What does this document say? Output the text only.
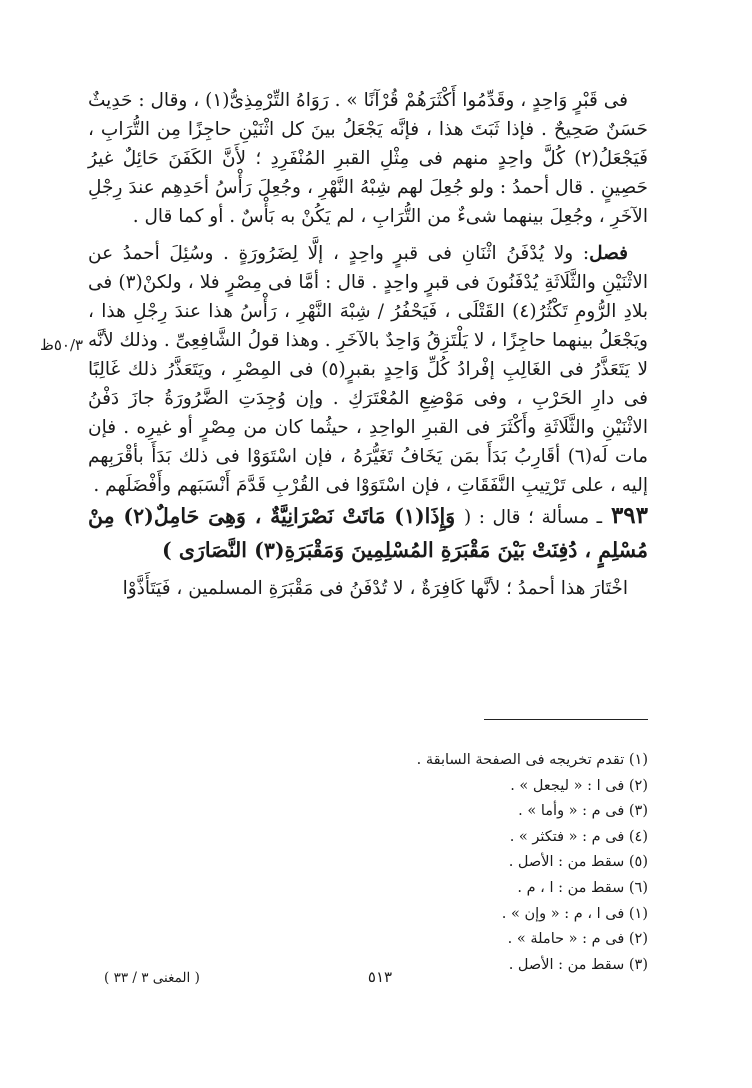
٥٠/٣ظ

فى قَبْرٍ وَاحِدٍ ، وقَدِّمُوا أَكْثَرَهُمْ قُرْآنًا » . رَوَاهُ التِّرْمِذِىُّ(١) ، وقال : حَدِيثٌ حَسَنٌ صَحِيحٌ . فإذا ثَبَتَ هذا ، فإنَّه يَجْعَلُ بينَ كل اثْنَيْنِ حاجِزًا مِن التُّرَابِ ، فَيَجْعَلُ(٢) كُلَّ واحِدٍ منهم فى مِثْلِ القبرِ المُنْفَرِدِ ؛ لأَنَّ الكَفَنَ حَائِلٌ غيرُ حَصِينٍ . قال أحمدُ : ولو جُعِلَ لهم شِبْهُ النَّهْرِ ، وجُعِلَ رَأْسُ أحَدِهِم عندَ رِجْلِ الآخَرِ ، وجُعِلَ بينهما شىءٌ من التُّرَابِ ، لم يَكُنْ به بَأْسٌ . أو كما قال .

فصل: ولا يُدْفَنُ اثْنَانِ فى قبرٍ واحِدٍ ، إلَّا لِضَرُورَةٍ . وسُئِلَ أحمدُ عن الاثْنَيْنِ والثَّلَاثَةِ يُدْفَنُونَ فى قبرٍ واحِدٍ . قال : أمَّا فى مِصْرٍ فلا ، ولكنْ(٣) فى بلادِ الرُّومِ تَكْثُرُ(٤) القَتْلَى ، فَيَحْفُرُ / شِبْهَ النَّهْرِ ، رَأْسُ هذا عندَ رِجْلِ هذا ، ويَجْعَلُ بينهما حاجِزًا ، لا يَلْتَزِقُ وَاحِدٌ بالآخَرِ . وهذا قولُ الشَّافِعِىِّ . وذلك لأنَّه لا يَتَعَذَّرُ فى الغَالِبِ إفْرادُ كُلِّ وَاحِدٍ بقبرٍ(٥) فى المِصْرِ ، ويَتَعَذَّرُ ذلك غَالِبًا فى دارِ الحَرْبِ ، وفى مَوْضِعِ المُعْتَرَكِ . وإن وُجِدَتِ الضَّرُورَةُ جازَ دَفْنُ الاثْنَيْنِ والثَّلَاثَةِ وأَكْثَرَ فى القبرِ الواحِدِ ، حيثُما كان من مِصْرٍ أو غيرِه . فإن مات لَه(٦) أقَارِبُ بَدَأَ بمَن يَخَافُ تَغَيُّرَهُ ، فإن اسْتَوَوْا فى ذلك بَدَأَ بأقْرَبِهم إليه ، على تَرْتِيبِ النَّفَقَاتِ ، فإن اسْتَوَوْا فى القُرْبِ قَدَّمَ أَنْسَبَهم وأَفْضَلَهم .

٣٩٣ ـ مسألة ؛ قال : ( وَإِذَا(١) مَاتَتْ نَصْرَانِيَّةٌ ، وَهِىَ حَامِلٌ(٢) مِنْ مُسْلِمٍ ، دُفِنَتْ بَيْنَ مَقْبَرَةِ المُسْلِمِينَ وَمَقْبَرَةِ(٣) النَّصَارَى )

اخْتَارَ هذا أحمدُ ؛ لأنَّها كَافِرَةٌ ، لا تُدْفَنُ فى مَقْبَرَةِ المسلمين ، فَيَتَأَذَّوْا

(١) تقدم تخريجه فى الصفحة السابقة .
(٢) فى ا : « ليجعل » .
(٣) فى م : « وأما » .
(٤) فى م : « فتكثر » .
(٥) سقط من : الأصل .
(٦) سقط من : ا ، م .
(١) فى ا ، م : « وإن » .
(٢) فى م : « حاملة » .
(٣) سقط من : الأصل .
٥١٣
( المغنى ٣ / ٣٣ )
